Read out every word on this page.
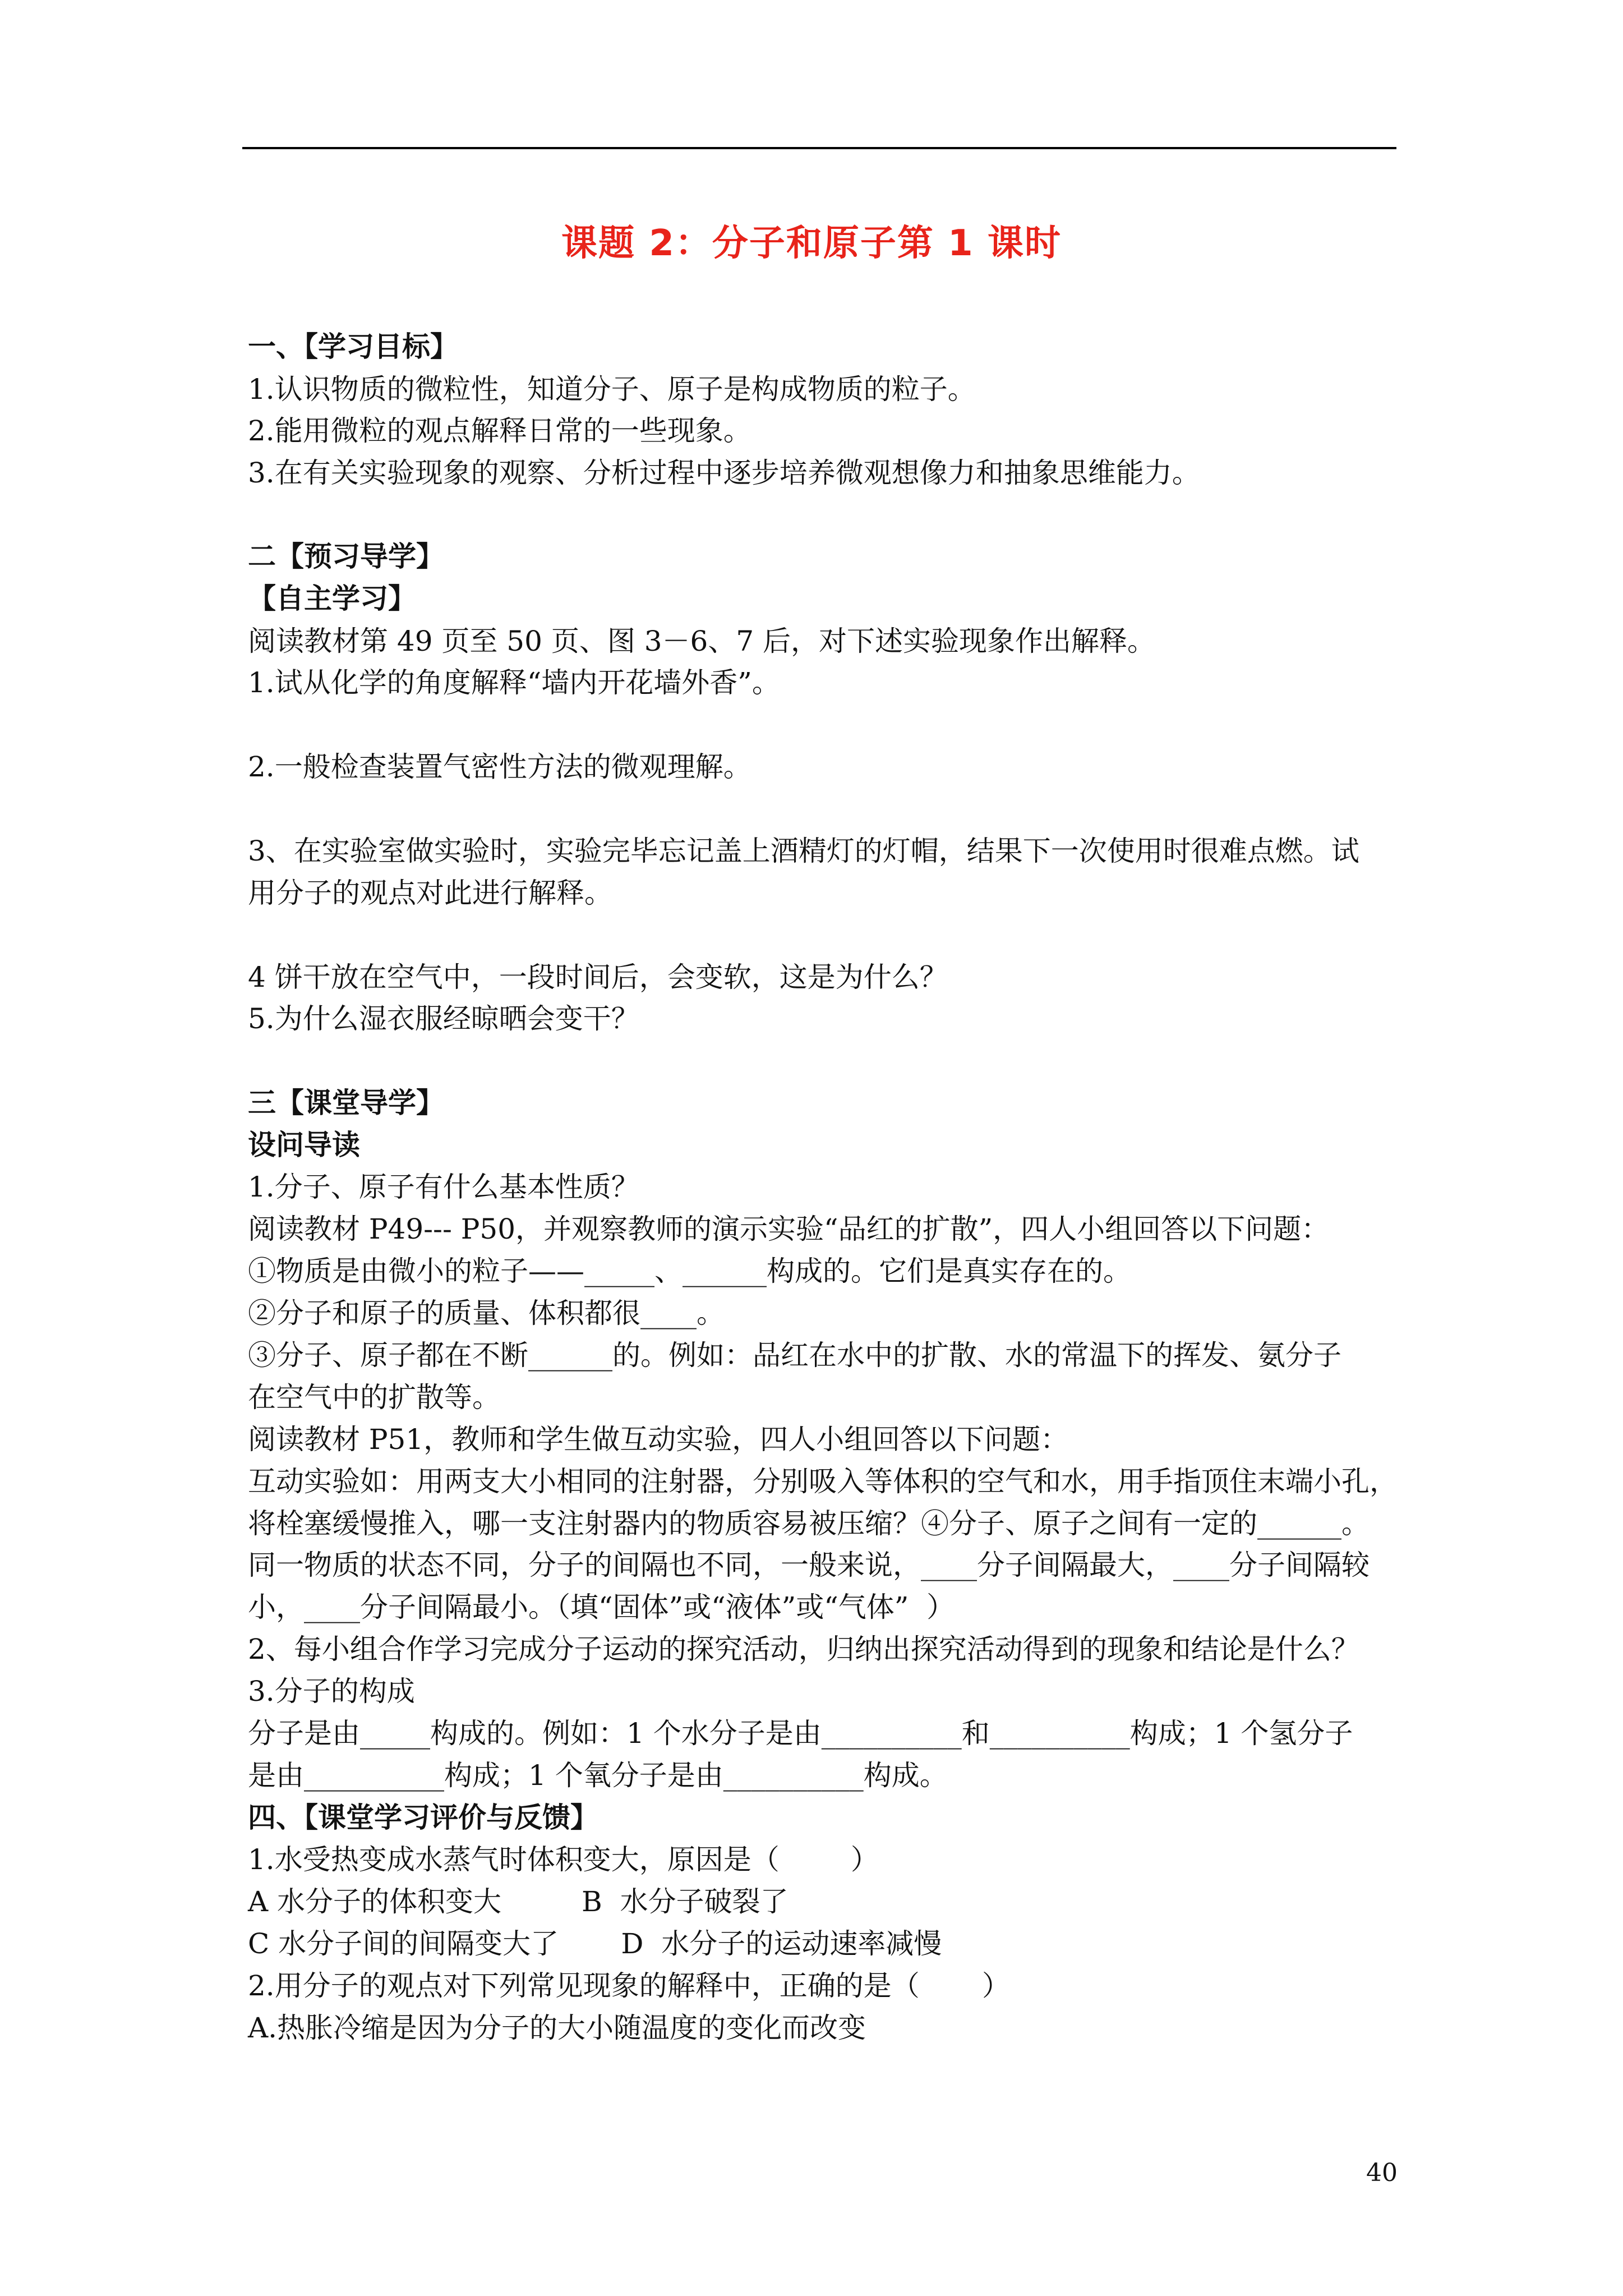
课题 2：分子和原子第 1 课时
一、【学习目标】
1.认识物质的微粒性，知道分子、原子是构成物质的粒子。
2.能用微粒的观点解释日常的一些现象。
3.在有关实验现象的观察、分析过程中逐步培养微观想像力和抽象思维能力。
二【预习导学】
【自主学习】
阅读教材第 49 页至 50 页、图 3－6、7 后，对下述实验现象作出解释。
1.试从化学的角度解释“墙内开花墙外香”。
2.一般检查装置气密性方法的微观理解。
3、在实验室做实验时，实验完毕忘记盖上酒精灯的灯帽，结果下一次使用时很难点燃。试
用分子的观点对此进行解释。
4 饼干放在空气中，一段时间后，会变软，这是为什么？
5.为什么湿衣服经晾晒会变干？
三【课堂导学】
设问导读
1.分子、原子有什么基本性质？
阅读教材 P49--- P50，并观察教师的演示实验“品红的扩散”，四人小组回答以下问题：
①物质是由微小的粒子——_____、______构成的。它们是真实存在的。
②分子和原子的质量、体积都很____。
③分子、原子都在不断______的。例如：品红在水中的扩散、水的常温下的挥发、氨分子
在空气中的扩散等。
阅读教材 P51，教师和学生做互动实验，四人小组回答以下问题：
互动实验如：用两支大小相同的注射器，分别吸入等体积的空气和水，用手指顶住末端小孔，
将栓塞缓慢推入，哪一支注射器内的物质容易被压缩？④分子、原子之间有一定的______。
同一物质的状态不同，分子的间隔也不同，一般来说，____分子间隔最大，____分子间隔较
小，____分子间隔最小。（填“固体”或“液体”或“气体”  ）
2、每小组合作学习完成分子运动的探究活动，归纳出探究活动得到的现象和结论是什么？
3.分子的构成
分子是由_____构成的。例如：1 个水分子是由__________和__________构成；1 个氢分子
是由__________构成；1 个氧分子是由__________构成。
四、【课堂学习评价与反馈】
1.水受热变成水蒸气时体积变大，原因是（        ）
A 水分子的体积变大         B  水分子破裂了
C 水分子间的间隔变大了       D  水分子的运动速率减慢
2.用分子的观点对下列常见现象的解释中，正确的是（       ）
A.热胀冷缩是因为分子的大小随温度的变化而改变
40
